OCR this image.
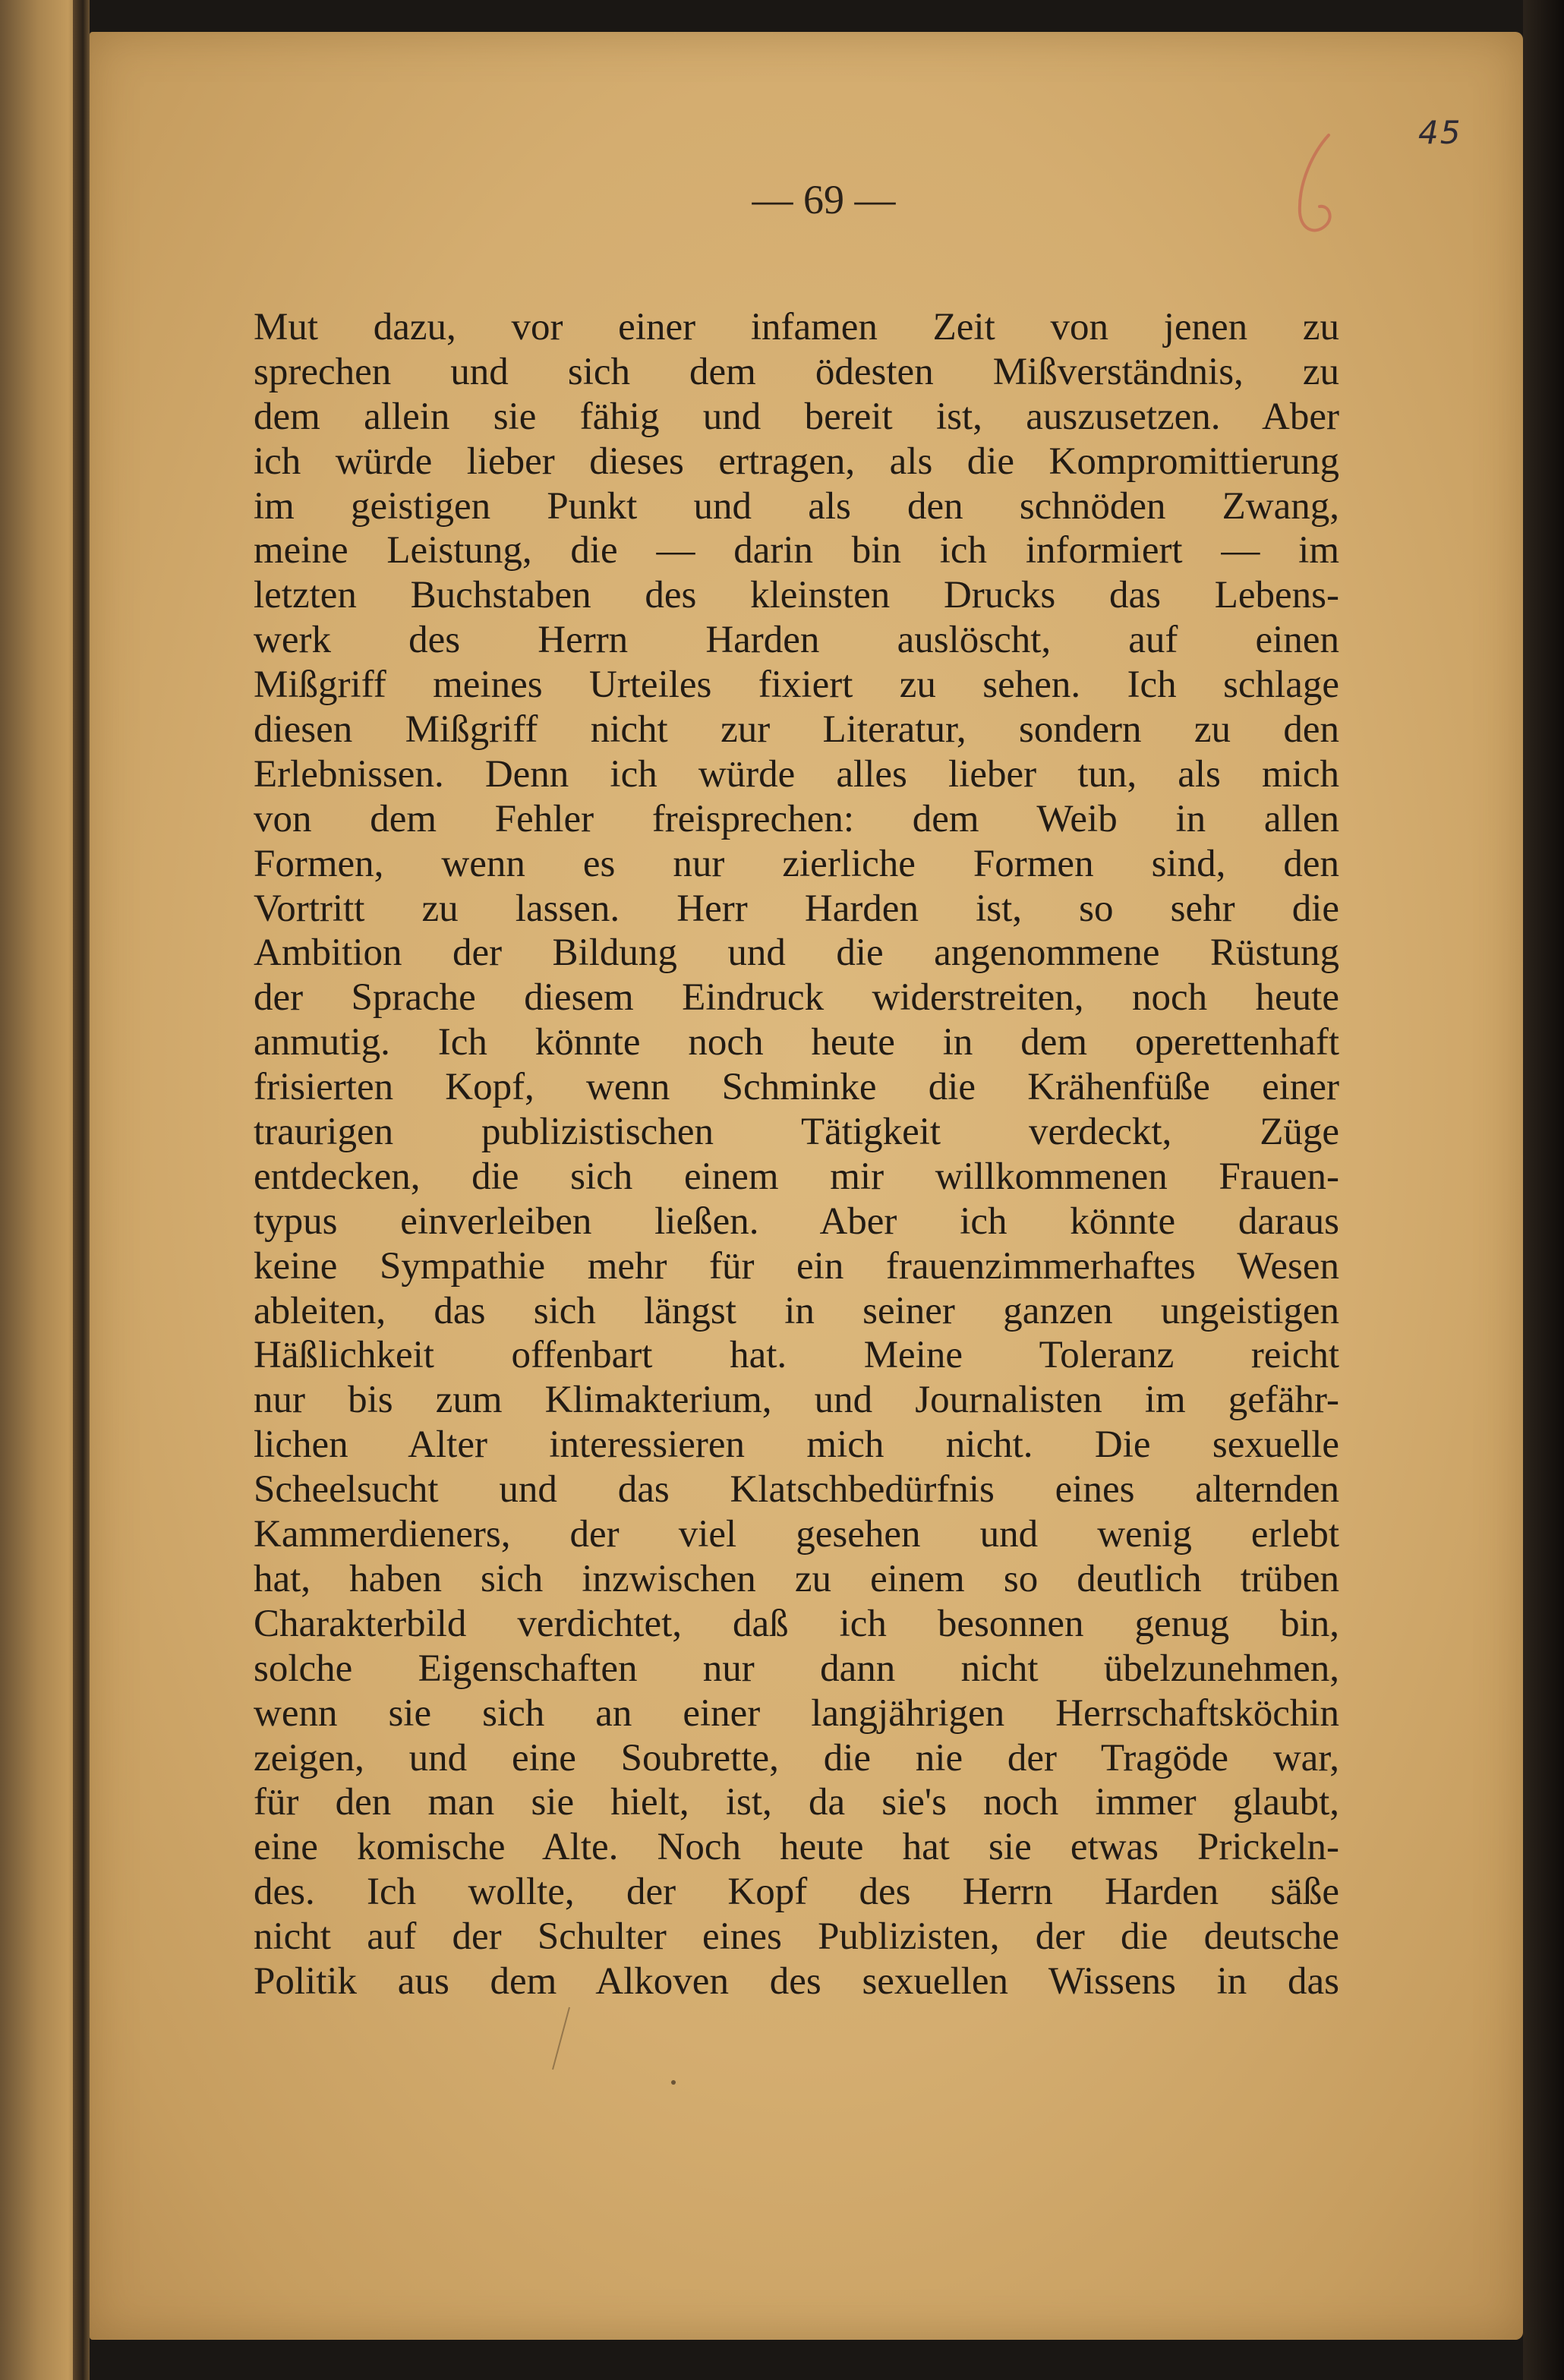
45
— 69 —
Mut dazu, vor einer infamen Zeit von jenen zu
sprechen und sich dem ödesten Mißverständnis, zu
dem allein sie fähig und bereit ist, auszusetzen. Aber
ich würde lieber dieses ertragen, als die Kompromittierung
im geistigen Punkt und als den schnöden Zwang,
meine Leistung, die — darin bin ich informiert — im
letzten Buchstaben des kleinsten Drucks das Lebens-
werk des Herrn Harden auslöscht, auf einen
Mißgriff meines Urteiles fixiert zu sehen. Ich schlage
diesen Mißgriff nicht zur Literatur, sondern zu den
Erlebnissen. Denn ich würde alles lieber tun, als mich
von dem Fehler freisprechen: dem Weib in allen
Formen, wenn es nur zierliche Formen sind, den
Vortritt zu lassen. Herr Harden ist, so sehr die
Ambition der Bildung und die angenommene Rüstung
der Sprache diesem Eindruck widerstreiten, noch heute
anmutig. Ich könnte noch heute in dem operettenhaft
frisierten Kopf, wenn Schminke die Krähenfüße einer
traurigen publizistischen Tätigkeit verdeckt, Züge
entdecken, die sich einem mir willkommenen Frauen-
typus einverleiben ließen. Aber ich könnte daraus
keine Sympathie mehr für ein frauenzimmerhaftes Wesen
ableiten, das sich längst in seiner ganzen ungeistigen
Häßlichkeit offenbart hat. Meine Toleranz reicht
nur bis zum Klimakterium, und Journalisten im gefähr-
lichen Alter interessieren mich nicht. Die sexuelle
Scheelsucht und das Klatschbedürfnis eines alternden
Kammerdieners, der viel gesehen und wenig erlebt
hat, haben sich inzwischen zu einem so deutlich trüben
Charakterbild verdichtet, daß ich besonnen genug bin,
solche Eigenschaften nur dann nicht übelzunehmen,
wenn sie sich an einer langjährigen Herrschaftsköchin
zeigen, und eine Soubrette, die nie der Tragöde war,
für den man sie hielt, ist, da sie's noch immer glaubt,
eine komische Alte. Noch heute hat sie etwas Prickeln-
des. Ich wollte, der Kopf des Herrn Harden säße
nicht auf der Schulter eines Publizisten, der die deutsche
Politik aus dem Alkoven des sexuellen Wissens in das
